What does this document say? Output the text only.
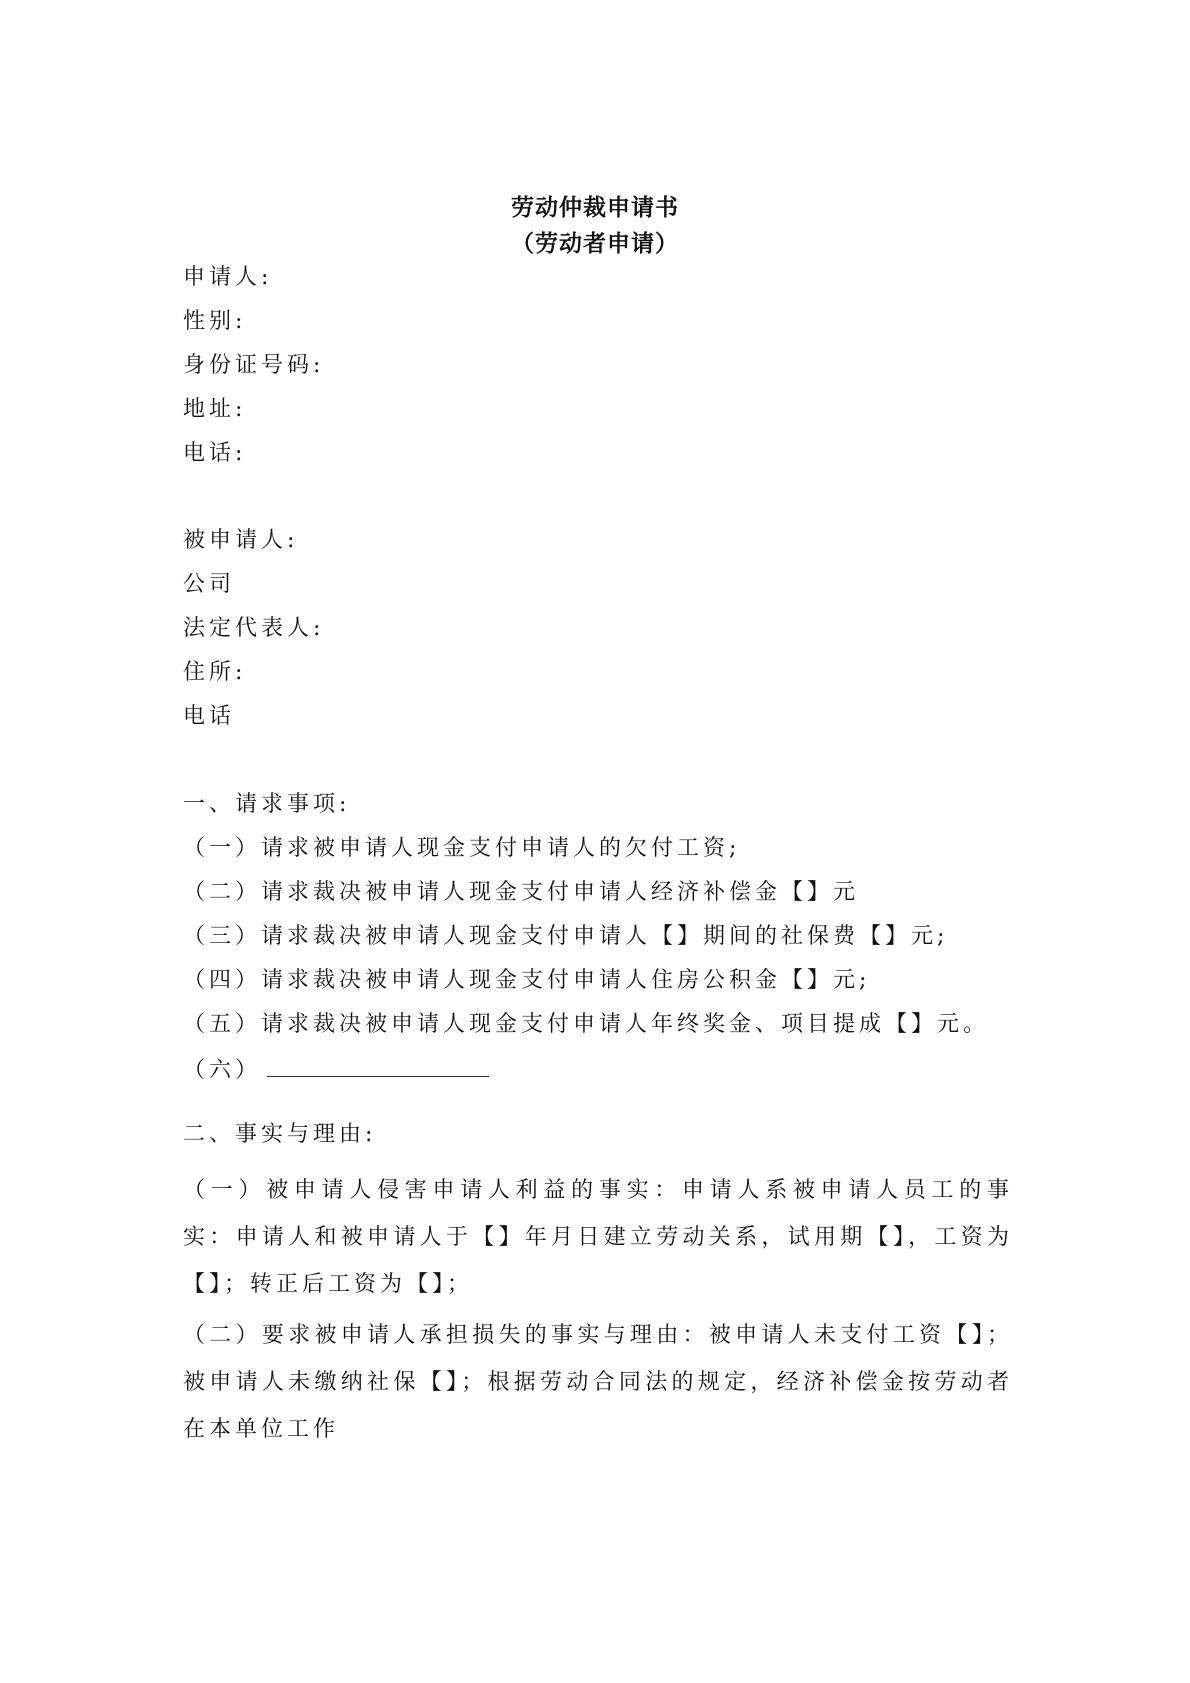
劳动仲裁申请书
（劳动者申请）
申请人:
性别:
身份证号码:
地址:
电话:
被申请人:
公司
法定代表人:
住所:
电话
一、请求事项:
（一）请求被申请人现金支付申请人的欠付工资;
（二）请求裁决被申请人现金支付申请人经济补偿金【】元
（三）请求裁决被申请人现金支付申请人【】期间的社保费【】元;
（四）请求裁决被申请人现金支付申请人住房公积金【】元;
（五）请求裁决被申请人现金支付申请人年终奖金、项目提成【】元。
（六）
二、事实与理由:
（一）被申请人侵害申请人利益的事实：申请人系被申请人员工的事实：申请人和被申请人于【】年月日建立劳动关系，试用期【】，工资为【】；转正后工资为【】；
（二）要求被申请人承担损失的事实与理由：被申请人未支付工资【】；被申请人未缴纳社保【】；根据劳动合同法的规定，经济补偿金按劳动者在本单位工作
